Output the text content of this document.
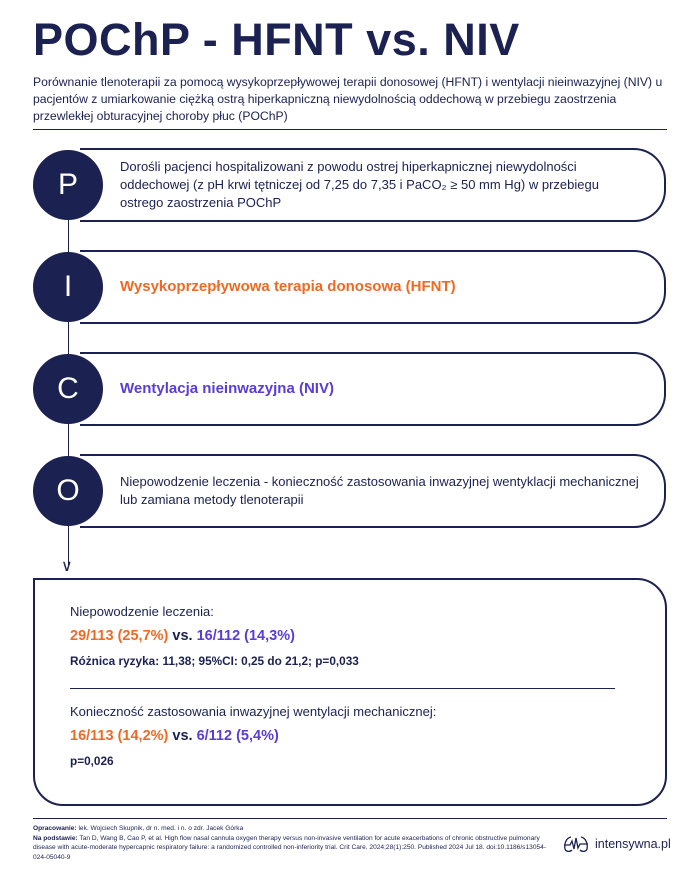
POChP - HFNT vs. NIV
Porównanie tlenoterapii za pomocą wysykoprzepływowej terapii donosowej (HFNT) i wentylacji nieinwazyjnej (NIV) u pacjentów z umiarkowanie ciężką ostrą hiperkapniczną niewydolnością oddechową w przebiegu zaostrzenia przewlekłej obturacyjnej choroby płuc (POChP)
∨
Dorośli pacjenci hospitalizowani z powodu ostrej hiperkapnicznej niewydolności oddechowej (z pH krwi tętniczej od 7,25 do 7,35 i PaCO₂ ≥ 50 mm Hg) w przebiegu ostrego zaostrzenia POChP
P
Wysykoprzepływowa terapia donosowa (HFNT)
I
Wentylacja nieinwazyjna (NIV)
C
Niepowodzenie leczenia - konieczność zastosowania inwazyjnej wentyklacji mechanicznej lub zamiana metody tlenoterapii
O
Niepowodzenie leczenia:
29/113 (25,7%) vs. 16/112 (14,3%)
Różnica ryzyka: 11,38; 95%CI: 0,25 do 21,2; p=0,033
Konieczność zastosowania inwazyjnej wentylacji mechanicznej:
16/113 (14,2%) vs. 6/112 (5,4%)
p=0,026
Opracowanie: lek. Wojciech Skupnik, dr n. med. i n. o zdr. Jacek Górka
Na podstawie: Tan D, Wang B, Cao P, et al. High flow nasal cannula oxygen therapy versus non-invasive ventilation for acute exacerbations of chronic obstructive pulmonary disease with acute-moderate hypercapnic respiratory failure: a randomized controlled non-inferiority trial. Crit Care. 2024;28(1):250. Published 2024 Jul 18. doi:10.1186/s13054-024-05040-9
intensywna.pl
